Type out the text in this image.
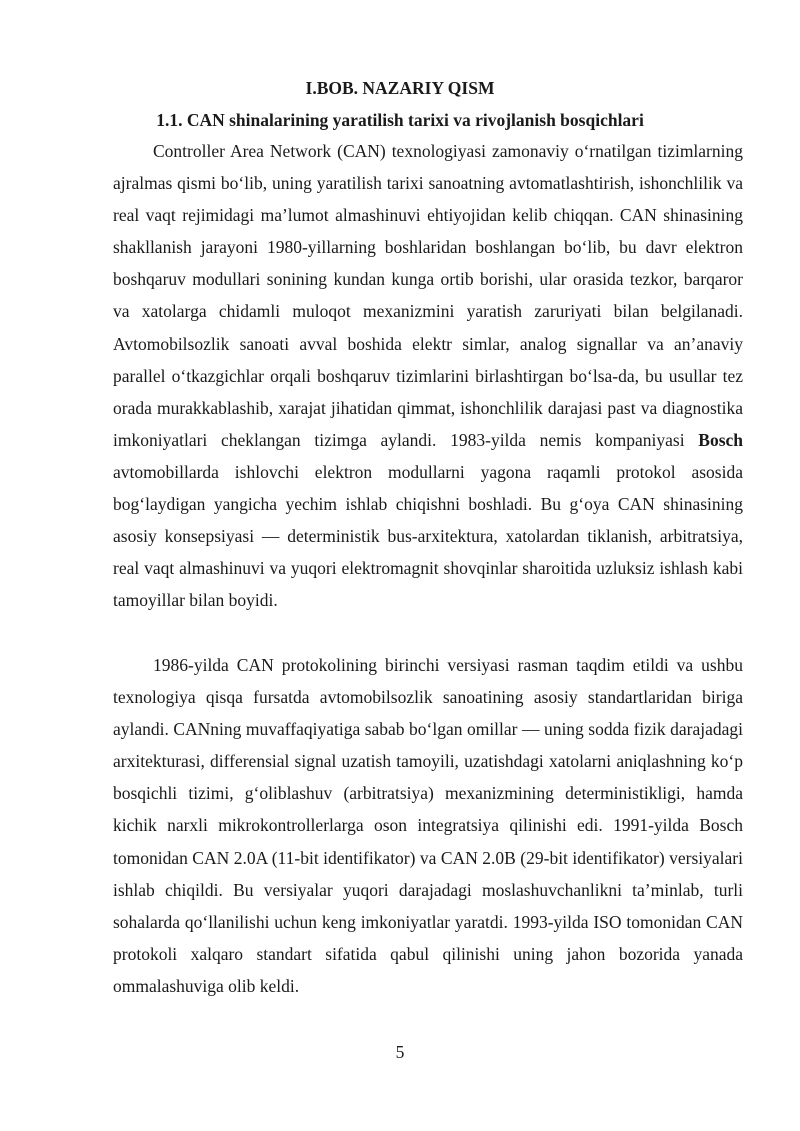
I.BOB. NAZARIY QISM
1.1. CAN shinalarining yaratilish tarixi va rivojlanish bosqichlari

Controller Area Network (CAN) texnologiyasi zamonaviy o‘rnatilgan tizimlarning ajralmas qismi bo‘lib, uning yaratilish tarixi sanoatning avtomatlashtirish, ishonchlilik va real vaqt rejimidagi ma’lumot almashinuvi ehtiyojidan kelib chiqqan. CAN shinasining shakllanish jarayoni 1980-yillarning boshlaridan boshlangan bo‘lib, bu davr elektron boshqaruv modullari sonining kundan kunga ortib borishi, ular orasida tezkor, barqaror va xatolarga chidamli muloqot mexanizmini yaratish zaruriyati bilan belgilanadi. Avtomobilsozlik sanoati avval boshida elektr simlar, analog signallar va an’anaviy parallel o‘tkazgichlar orqali boshqaruv tizimlarini birlashtirgan bo‘lsa-da, bu usullar tez orada murakkablashib, xarajat jihatidan qimmat, ishonchlilik darajasi past va diagnostika imkoniyatlari cheklangan tizimga aylandi. 1983-yilda nemis kompaniyasi Bosch avtomobillarda ishlovchi elektron modullarni yagona raqamli protokol asosida bog‘laydigan yangicha yechim ishlab chiqishni boshladi. Bu g‘oya CAN shinasining asosiy konsepsiyasi — deterministik bus-arxitektura, xatolardan tiklanish, arbitratsiya, real vaqt almashinuvi va yuqori elektromagnit shovqinlar sharoitida uzluksiz ishlash kabi tamoyillar bilan boyidi.

1986-yilda CAN protokolining birinchi versiyasi rasman taqdim etildi va ushbu texnologiya qisqa fursatda avtomobilsozlik sanoatining asosiy standartlaridan biriga aylandi. CANning muvaffaqiyatiga sabab bo‘lgan omillar — uning sodda fizik darajadagi arxitekturasi, differensial signal uzatish tamoyili, uzatishdagi xatolarni aniqlashning ko‘p bosqichli tizimi, g‘oliblashuv (arbitratsiya) mexanizmining deterministikligi, hamda kichik narxli mikrokontrollerlarga oson integratsiya qilinishi edi. 1991-yilda Bosch tomonidan CAN 2.0A (11-bit identifikator) va CAN 2.0B (29-bit identifikator) versiyalari ishlab chiqildi. Bu versiyalar yuqori darajadagi moslashuvchanlikni ta’minlab, turli sohalarda qo‘llanilishi uchun keng imkoniyatlar yaratdi. 1993-yilda ISO tomonidan CAN protokoli xalqaro standart sifatida qabul qilinishi uning jahon bozorida yanada ommalashuviga olib keldi.

5
